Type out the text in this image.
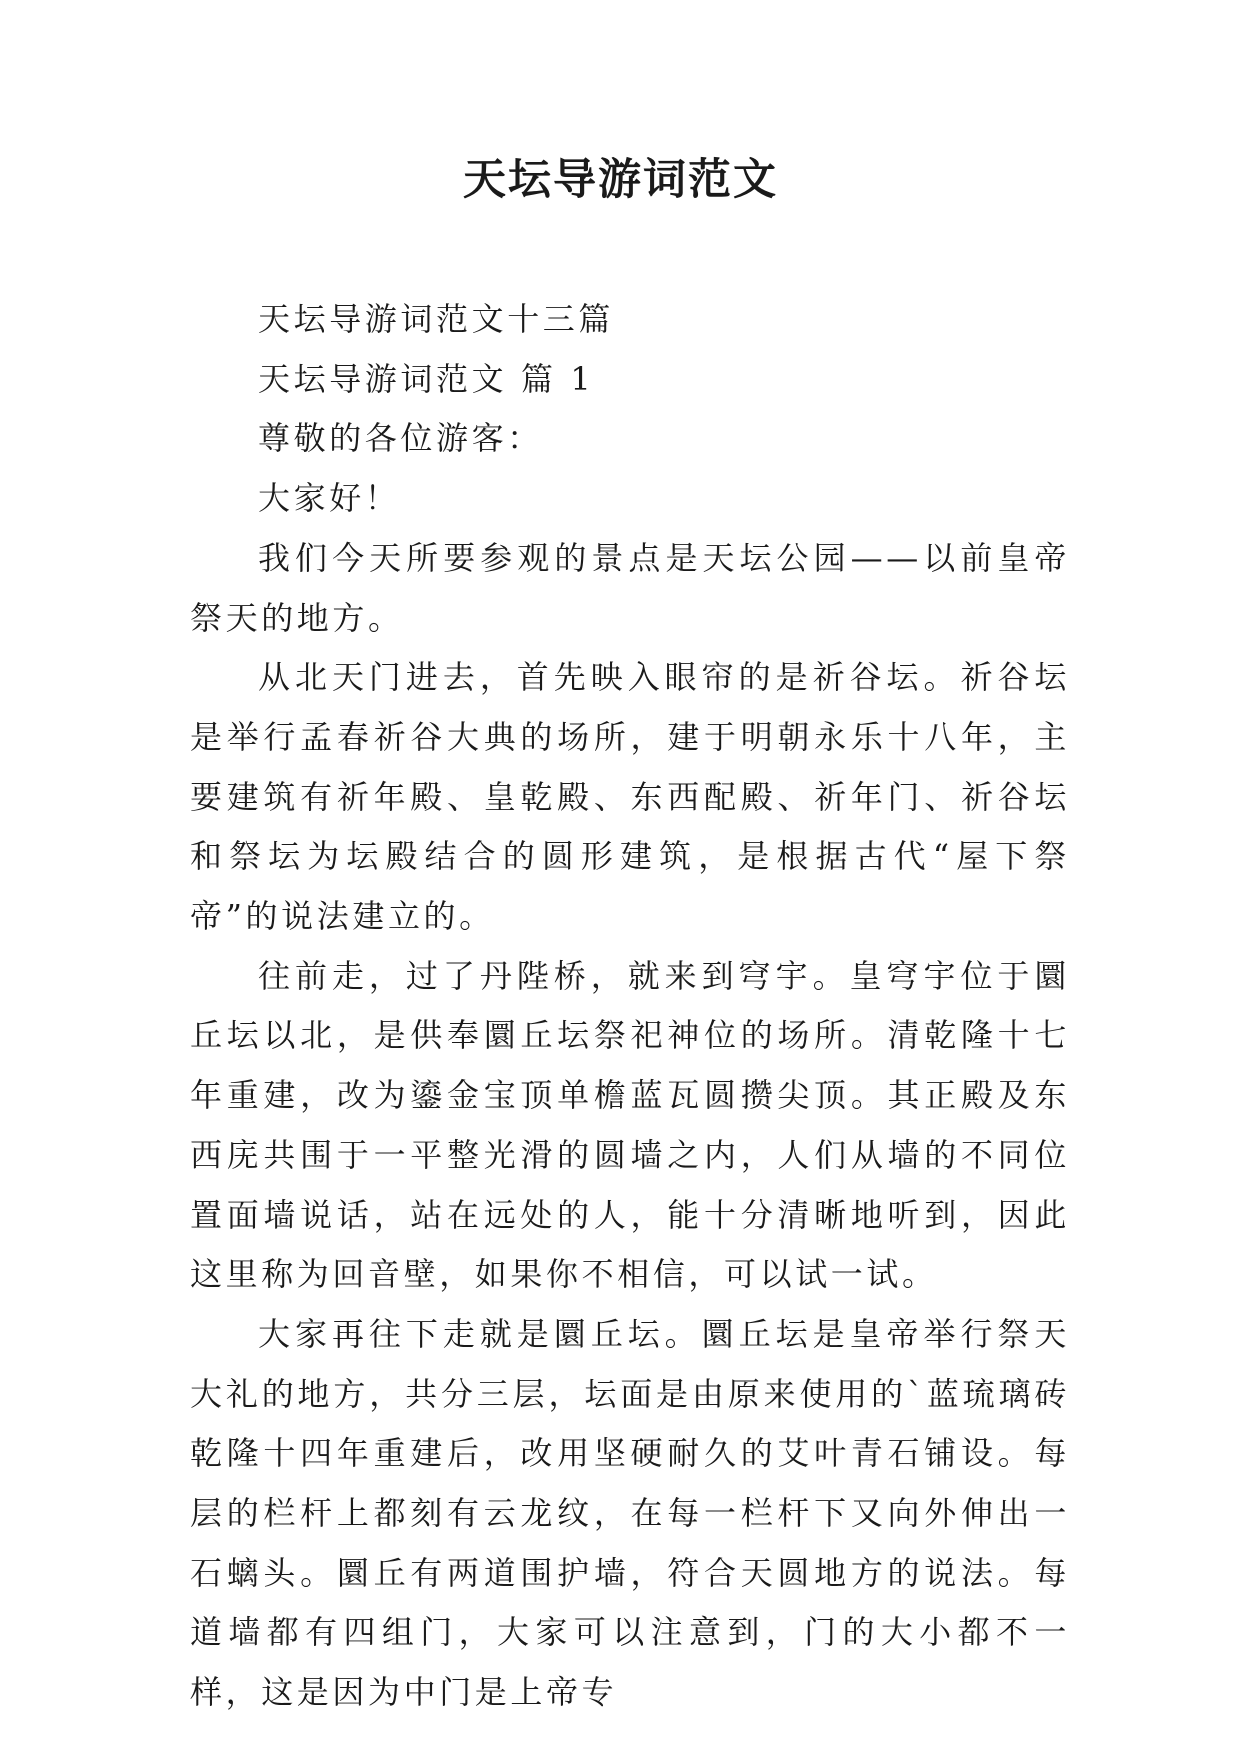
天坛导游词范文

天坛导游词范文十三篇

天坛导游词范文 篇 1

尊敬的各位游客：

大家好！

我们今天所要参观的景点是天坛公园——以前皇帝祭天的地方。

从北天门进去，首先映入眼帘的是祈谷坛。祈谷坛是举行孟春祈谷大典的场所，建于明朝永乐十八年，主要建筑有祈年殿、皇乾殿、东西配殿、祈年门、祈谷坛和祭坛为坛殿结合的圆形建筑，是根据古代“屋下祭帝”的说法建立的。

往前走，过了丹陛桥，就来到穹宇。皇穹宇位于圜丘坛以北，是供奉圜丘坛祭祀神位的场所。清乾隆十七年重建，改为鎏金宝顶单檐蓝瓦圆攒尖顶。其正殿及东西庑共围于一平整光滑的圆墙之内，人们从墙的不同位置面墙说话，站在远处的人，能十分清晰地听到，因此这里称为回音壁，如果你不相信，可以试一试。

大家再往下走就是圜丘坛。圜丘坛是皇帝举行祭天大礼的地方，共分三层，坛面是由原来使用的`蓝琉璃砖乾隆十四年重建后，改用坚硬耐久的艾叶青石铺设。每层的栏杆上都刻有云龙纹，在每一栏杆下又向外伸出一石螭头。圜丘有两道围护墙，符合天圆地方的说法。每道墙都有四组门，大家可以注意到，门的大小都不一样，这是因为中门是上帝专
